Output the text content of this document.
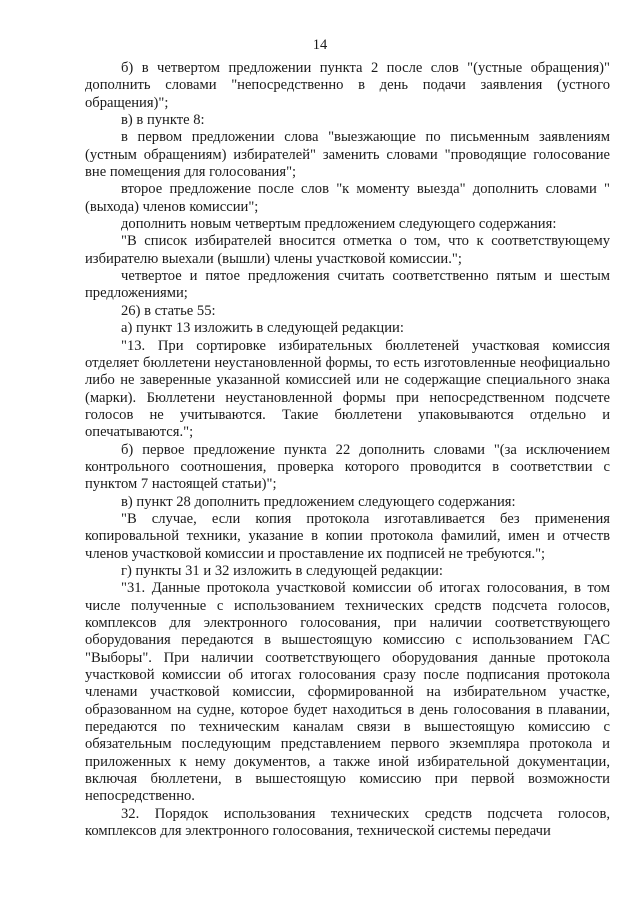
14

б) в четвертом предложении пункта 2 после слов "(устные обращения)" дополнить словами "непосредственно в день подачи заявления (устного обращения)";

в) в пункте 8:

в первом предложении слова "выезжающие по письменным заявлениям (устным обращениям) избирателей" заменить словами "проводящие голосование вне помещения для голосования";

второе предложение после слов "к моменту выезда" дополнить словами "(выхода) членов комиссии";

дополнить новым четвертым предложением следующего содержания:

"В список избирателей вносится отметка о том, что к соответствующему избирателю выехали (вышли) члены участковой комиссии.";

четвертое и пятое предложения считать соответственно пятым и шестым предложениями;

26) в статье 55:

а) пункт 13 изложить в следующей редакции:

"13. При сортировке избирательных бюллетеней участковая комиссия отделяет бюллетени неустановленной формы, то есть изготовленные неофициально либо не заверенные указанной комиссией или не содержащие специального знака (марки). Бюллетени неустановленной формы при непосредственном подсчете голосов не учитываются. Такие бюллетени упаковываются отдельно и опечатываются.";

б) первое предложение пункта 22 дополнить словами "(за исключением контрольного соотношения, проверка которого проводится в соответствии с пунктом 7 настоящей статьи)";

в) пункт 28 дополнить предложением следующего содержания:

"В случае, если копия протокола изготавливается без применения копировальной техники, указание в копии протокола фамилий, имен и отчеств членов участковой комиссии и проставление их подписей не требуются.";

г) пункты 31 и 32 изложить в следующей редакции:

"31. Данные протокола участковой комиссии об итогах голосования, в том числе полученные с использованием технических средств подсчета голосов, комплексов для электронного голосования, при наличии соответствующего оборудования передаются в вышестоящую комиссию с использованием ГАС "Выборы". При наличии соответствующего оборудования данные протокола участковой комиссии об итогах голосования сразу после подписания протокола членами участковой комиссии, сформированной на избирательном участке, образованном на судне, которое будет находиться в день голосования в плавании, передаются по техническим каналам связи в вышестоящую комиссию с обязательным последующим представлением первого экземпляра протокола и приложенных к нему документов, а также иной избирательной документации, включая бюллетени, в вышестоящую комиссию при первой возможности непосредственно.

32. Порядок использования технических средств подсчета голосов, комплексов для электронного голосования, технической системы передачи
